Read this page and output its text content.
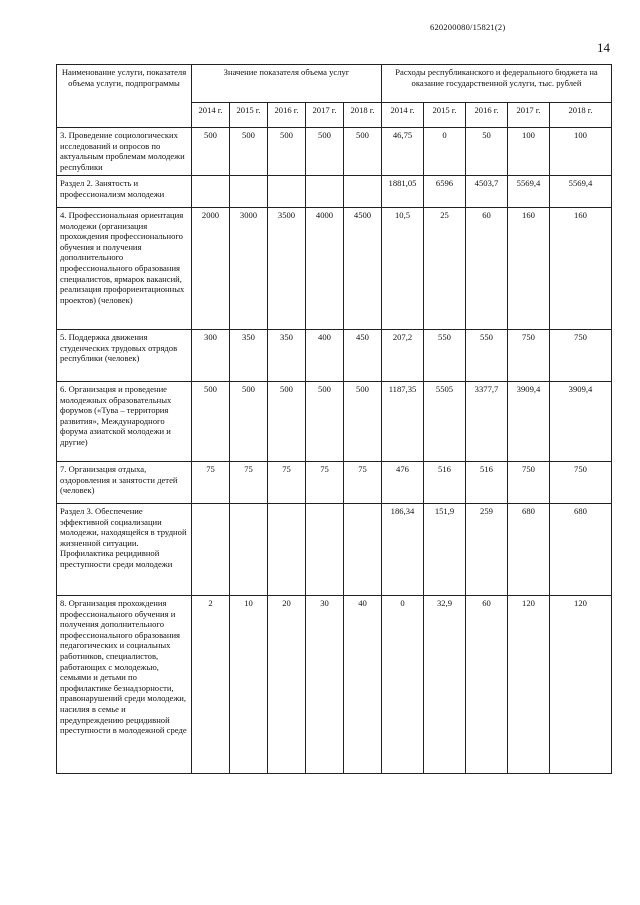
620200080/15821(2)
14
Наименование услуги, показателя объема услуги, подпрограммы	Значение показателя объема услуг					Расходы республиканского и федерального бюджета на оказание государственной услуги, тыс. рублей				
	2014 г.	2015 г.	2016 г.	2017 г.	2018 г.	2014 г.	2015 г.	2016 г.	2017 г.	2018 г.
3. Проведение социологических исследований и опросов по актуальным проблемам молодежи республики	500	500	500	500	500	46,75	0	50	100	100
Раздел 2. Занятость и профессионализм молодежи						1881,05	6596	4503,7	5569,4	5569,4
4. Профессиональная ориентация молодежи (организация прохождения профессионального обучения и получения дополнительного профессионального образования специалистов, ярмарок вакансий, реализация профориентационных проектов) (человек)	2000	3000	3500	4000	4500	10,5	25	60	160	160
5. Поддержка движения студенческих трудовых отрядов республики (человек)	300	350	350	400	450	207,2	550	550	750	750
6. Организация и проведение молодежных образовательных форумов («Тува – территория развития», Международного форума азиатской молодежи и другие)	500	500	500	500	500	1187,35	5505	3377,7	3909,4	3909,4
7. Организация отдыха, оздоровления и занятости детей (человек)	75	75	75	75	75	476	516	516	750	750
Раздел 3. Обеспечение эффективной социализации молодежи, находящейся в трудной жизненной ситуации. Профилактика рецидивной преступности среди молодежи						186,34	151,9	259	680	680
8. Организация прохождения профессионального обучения и получения дополнительного профессионального образования педагогических и социальных работников, специалистов, работающих с молодежью, семьями и детьми по профилактике безнадзорности, правонарушений среди молодежи, насилия в семье и предупреждению рецидивной преступности в молодежной среде	2	10	20	30	40	0	32,9	60	120	120
